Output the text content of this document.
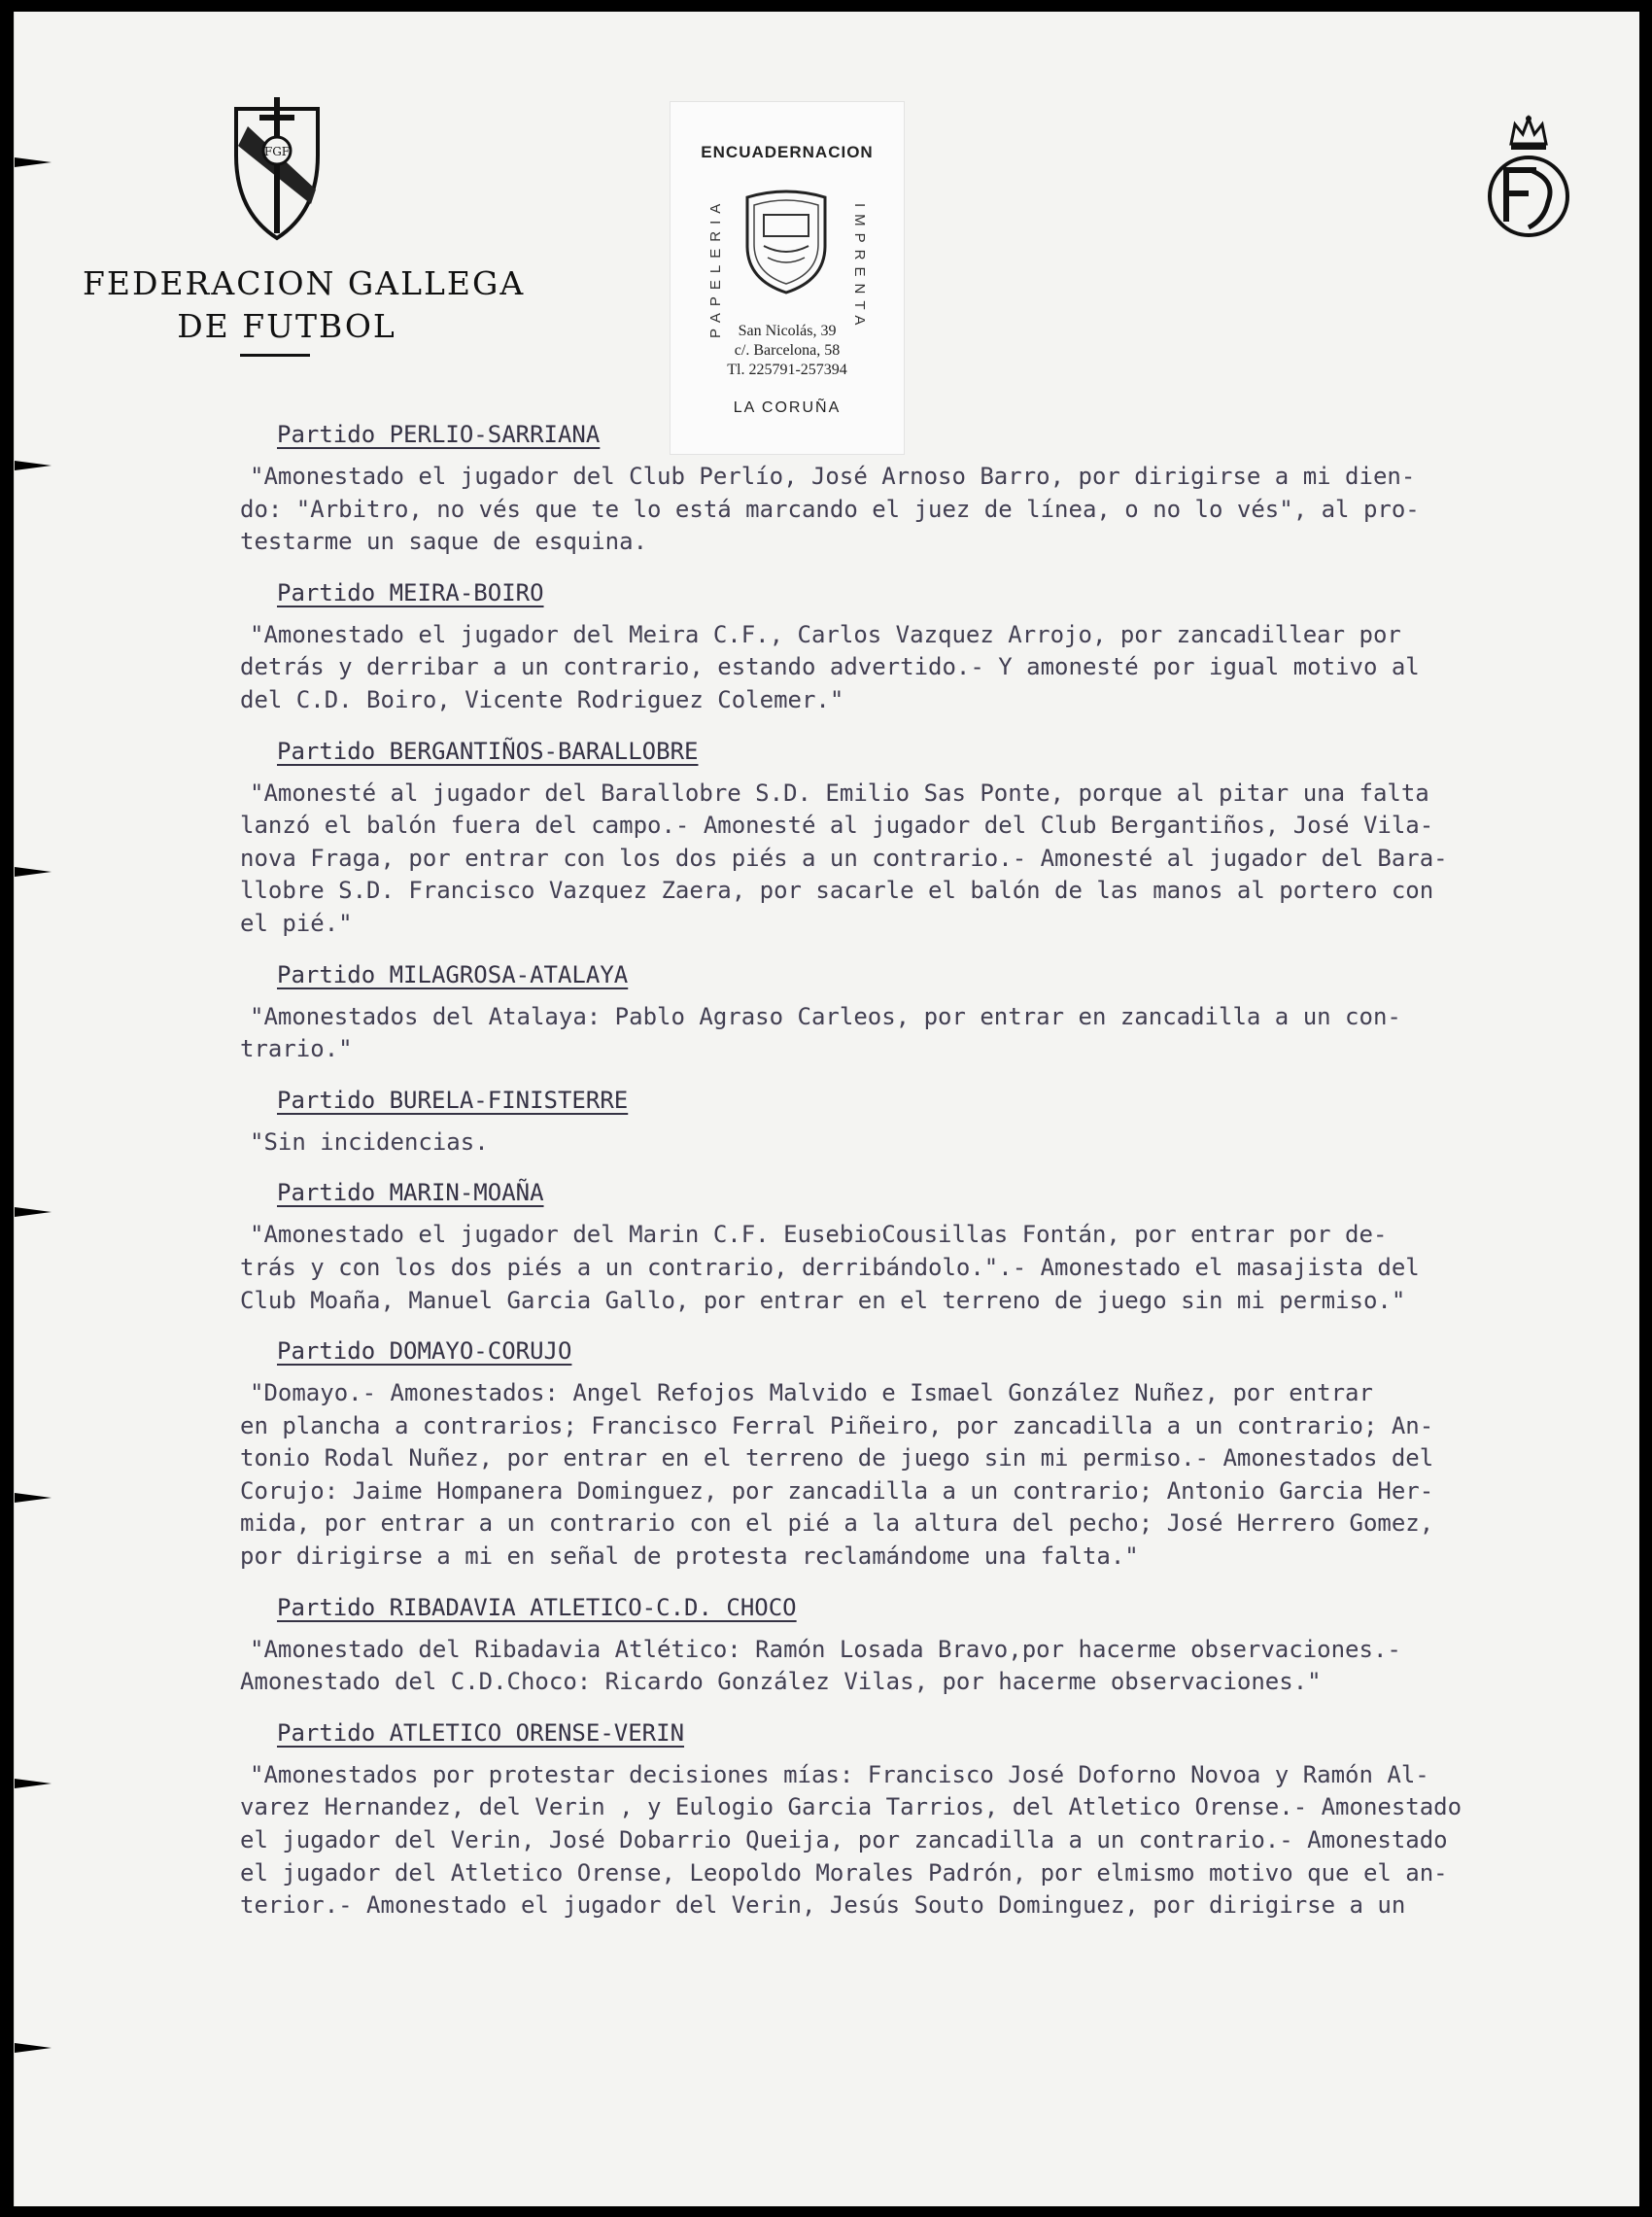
FGF
FEDERACION GALLEGA
DE FUTBOL
ENCUADERNACION
PAPELERIA	IMPRENTA
San Nicolás, 39
c/. Barcelona, 58
Tl. 225791-257394
LA CORUÑA
Partido PERLIO-SARRIANA
"Amonestado el jugador del Club Perlío, José Arnoso Barro, por dirigirse a mi dien-
do: "Arbitro, no vés que te lo está marcando el juez de línea, o no lo vés", al pro-
testarme un saque de esquina.
Partido MEIRA-BOIRO
"Amonestado el jugador del Meira C.F., Carlos Vazquez Arrojo, por zancadillear por
detrás y derribar a un contrario, estando advertido.- Y amonesté por igual motivo al
del C.D. Boiro, Vicente Rodriguez Colemer."
Partido BERGANTIÑOS-BARALLOBRE
"Amonesté al jugador del Barallobre S.D. Emilio Sas Ponte, porque al pitar una falta
lanzó el balón fuera del campo.- Amonesté al jugador del Club Bergantiños, José Vila-
nova Fraga, por entrar con los dos piés a un contrario.- Amonesté al jugador del Bara-
llobre S.D. Francisco Vazquez Zaera, por sacarle el balón de las manos al portero con
el pié."
Partido MILAGROSA-ATALAYA
"Amonestados del Atalaya: Pablo Agraso Carleos, por entrar en zancadilla a un con-
trario."
Partido BURELA-FINISTERRE
"Sin incidencias.
Partido MARIN-MOAÑA
"Amonestado el jugador del Marin C.F. EusebioCousillas Fontán, por entrar por de-
trás y con los dos piés a un contrario, derribándolo.".- Amonestado el masajista del
Club Moaña, Manuel Garcia Gallo, por entrar en el terreno de juego sin mi permiso."
Partido DOMAYO-CORUJO
"Domayo.- Amonestados: Angel Refojos Malvido e Ismael González Nuñez, por entrar
en plancha a contrarios; Francisco Ferral Piñeiro, por zancadilla a un contrario; An-
tonio Rodal Nuñez, por entrar en el terreno de juego sin mi permiso.- Amonestados del
Corujo: Jaime Hompanera Dominguez, por zancadilla a un contrario; Antonio Garcia Her-
mida, por entrar a un contrario con el pié a la altura del pecho; José Herrero Gomez,
por dirigirse a mi en señal de protesta reclamándome una falta."
Partido RIBADAVIA ATLETICO-C.D. CHOCO
"Amonestado del Ribadavia Atlético: Ramón Losada Bravo,por hacerme observaciones.-
Amonestado del C.D.Choco: Ricardo González Vilas, por hacerme observaciones."
Partido ATLETICO ORENSE-VERIN
"Amonestados por protestar decisiones mías: Francisco José Doforno Novoa y Ramón Al-
varez Hernandez, del Verin , y Eulogio Garcia Tarrios, del Atletico Orense.- Amonestado
el jugador del Verin, José Dobarrio Queija, por zancadilla a un contrario.- Amonestado
el jugador del Atletico Orense, Leopoldo Morales Padrón, por elmismo motivo que el an-
terior.- Amonestado el jugador del Verin, Jesús Souto Dominguez, por dirigirse a un
